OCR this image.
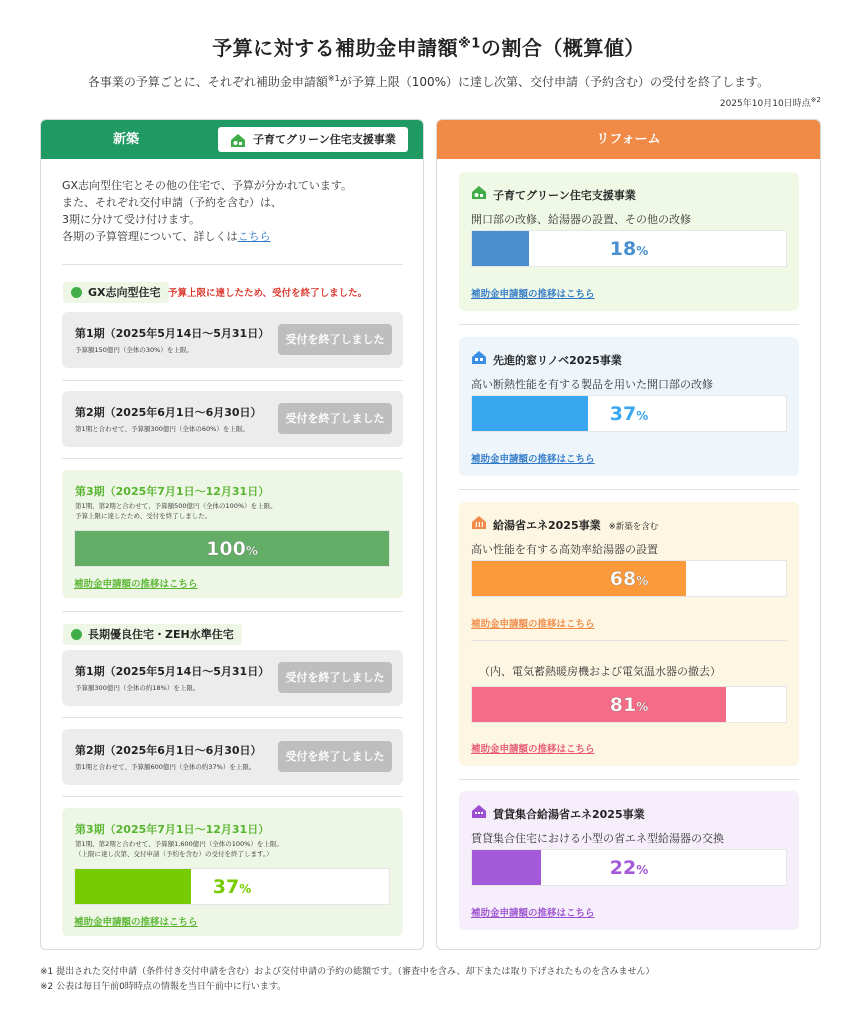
予算に対する補助金申請額$^{※1}$の割合（概算値）
各事業の予算ごとに、それぞれ補助金申請額$^{※1}$が予算上限（100%）に達し次第、交付申請（予約含む）の受付を終了します。
2025年10月10日時点$^{※2}$
新築	子育てグリーン住宅支援事業
GX志向型住宅とその他の住宅で、予算が分かれています。
また、それぞれ交付申請（予約を含む）は、
3期に分けて受け付けます。
各期の予算管理について、詳しくはこちら
GX志向型住宅 予算上限に達したため、受付を終了しました。
第1期（2025年5月14日〜5月31日）
予算額150億円（全体の30%）を上限。
受付を終了しました
第2期（2025年6月1日〜6月30日）
第1期と合わせて、予算額300億円（全体の60%）を上限。
受付を終了しました
第3期（2025年7月1日〜12月31日）
第1期、第2期と合わせて、予算額500億円（全体の100%）を上限。
予算上限に達したため、受付を終了しました。
100%
補助金申請額の推移はこちら
長期優良住宅・ZEH水準住宅
第1期（2025年5月14日〜5月31日）
予算額300億円（全体の約18%）を上限。
受付を終了しました
第2期（2025年6月1日〜6月30日）
第1期と合わせて、予算額600億円（全体の約37%）を上限。
受付を終了しました
第3期（2025年7月1日〜12月31日）
第1期、第2期と合わせて、予算額1,600億円（全体の100%）を上限。
（上限に達し次第、交付申請（予約を含む）の受付を終了します。）
37%
補助金申請額の推移はこちら
リフォーム
子育てグリーン住宅支援事業
開口部の改修、給湯器の設置、その他の改修
18%
補助金申請額の推移はこちら
先進的窓リノベ2025事業
高い断熱性能を有する製品を用いた開口部の改修
37%
補助金申請額の推移はこちら
給湯省エネ2025事業 ※新築を含む
高い性能を有する高効率給湯器の設置
68%
補助金申請額の推移はこちら
（内、電気蓄熱暖房機および電気温水器の撤去）
81%
補助金申請額の推移はこちら
賃貸集合給湯省エネ2025事業
賃貸集合住宅における小型の省エネ型給湯器の交換
22%
補助金申請額の推移はこちら
※1 提出された交付申請（条件付き交付申請を含む）および交付申請の予約の総額です。（審査中を含み、却下または取り下げされたものを含みません）
※2 公表は毎日午前0時時点の情報を当日午前中に行います。
